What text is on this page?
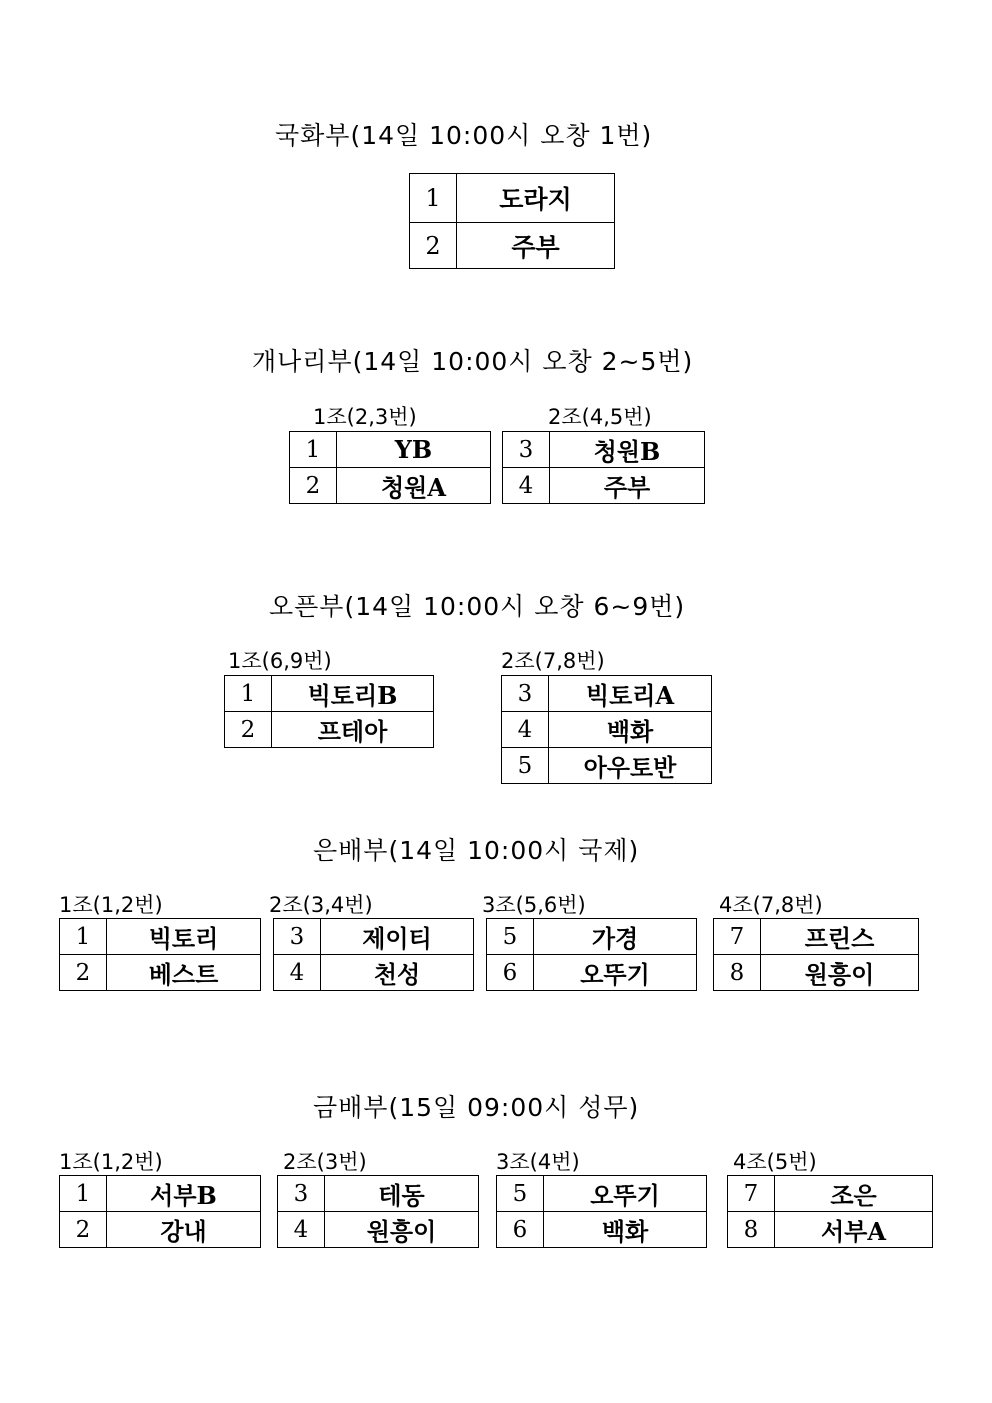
국화부(14일 10:00시 오창 1번)
1	도라지
2	주부
개나리부(14일 10:00시 오창 2~5번)
1조(2,3번)
1	YB
2	청원A
2조(4,5번)
3	청원B
4	주부
오픈부(14일 10:00시 오창 6~9번)
1조(6,9번)
1	빅토리B
2	프테아
2조(7,8번)
3	빅토리A
4	백화
5	아우토반
은배부(14일 10:00시 국제)
1조(1,2번)
1	빅토리
2	베스트
2조(3,4번)
3	제이티
4	천성
3조(5,6번)
5	가경
6	오뚜기
4조(7,8번)
7	프린스
8	원흥이
금배부(15일 09:00시 성무)
1조(1,2번)
1	서부B
2	강내
2조(3번)
3	테동
4	원흥이
3조(4번)
5	오뚜기
6	백화
4조(5번)
7	조은
8	서부A
